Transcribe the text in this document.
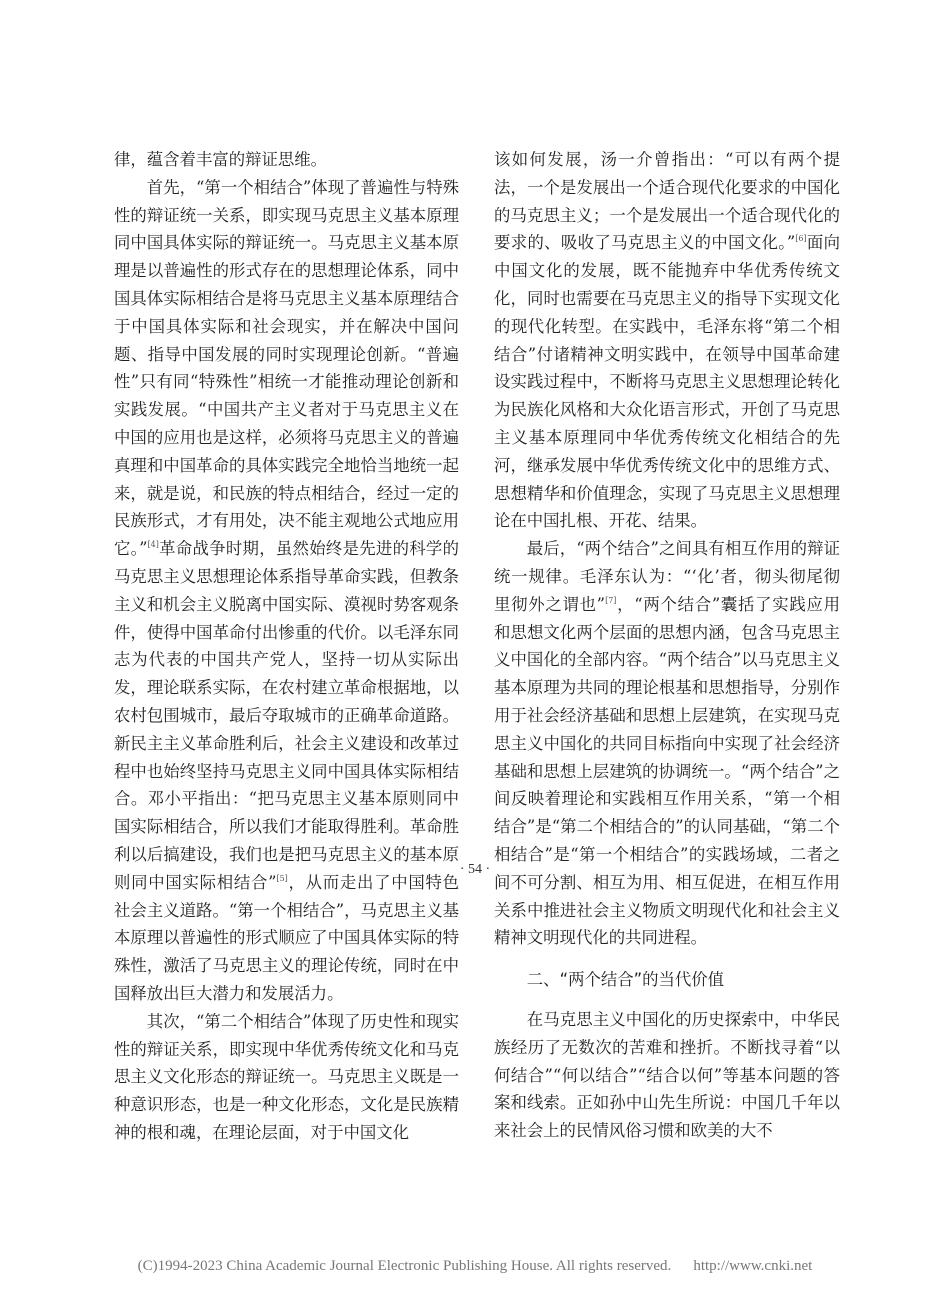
律，蕴含着丰富的辩证思维。

首先，“第一个相结合”体现了普遍性与特殊性的辩证统一关系，即实现马克思主义基本原理同中国具体实际的辩证统一。马克思主义基本原理是以普遍性的形式存在的思想理论体系，同中国具体实际相结合是将马克思主义基本原理结合于中国具体实际和社会现实，并在解决中国问题、指导中国发展的同时实现理论创新。“普遍性”只有同“特殊性”相统一才能推动理论创新和实践发展。“中国共产主义者对于马克思主义在中国的应用也是这样，必须将马克思主义的普遍真理和中国革命的具体实践完全地恰当地统一起来，就是说，和民族的特点相结合，经过一定的民族形式，才有用处，决不能主观地公式地应用它。”[4]革命战争时期，虽然始终是先进的科学的马克思主义思想理论体系指导革命实践，但教条主义和机会主义脱离中国实际、漠视时势客观条件，使得中国革命付出惨重的代价。以毛泽东同志为代表的中国共产党人，坚持一切从实际出发，理论联系实际，在农村建立革命根据地，以农村包围城市，最后夺取城市的正确革命道路。新民主主义革命胜利后，社会主义建设和改革过程中也始终坚持马克思主义同中国具体实际相结合。邓小平指出：“把马克思主义基本原则同中国实际相结合，所以我们才能取得胜利。革命胜利以后搞建设，我们也是把马克思主义的基本原则同中国实际相结合”[5]，从而走出了中国特色社会主义道路。“第一个相结合”，马克思主义基本原理以普遍性的形式顺应了中国具体实际的特殊性，激活了马克思主义的理论传统，同时在中国释放出巨大潜力和发展活力。

其次，“第二个相结合”体现了历史性和现实性的辩证关系，即实现中华优秀传统文化和马克思主义文化形态的辩证统一。马克思主义既是一种意识形态，也是一种文化形态，文化是民族精神的根和魂，在理论层面，对于中国文化

该如何发展，汤一介曾指出：“可以有两个提法，一个是发展出一个适合现代化要求的中国化的马克思主义；一个是发展出一个适合现代化的要求的、吸收了马克思主义的中国文化。”[6]面向中国文化的发展，既不能抛弃中华优秀传统文化，同时也需要在马克思主义的指导下实现文化的现代化转型。在实践中，毛泽东将“第二个相结合”付诸精神文明实践中，在领导中国革命建设实践过程中，不断将马克思主义思想理论转化为民族化风格和大众化语言形式，开创了马克思主义基本原理同中华优秀传统文化相结合的先河，继承发展中华优秀传统文化中的思维方式、思想精华和价值理念，实现了马克思主义思想理论在中国扎根、开花、结果。

最后，“两个结合”之间具有相互作用的辩证统一规律。毛泽东认为：“‘化’者，彻头彻尾彻里彻外之谓也”[7]，“两个结合”囊括了实践应用和思想文化两个层面的思想内涵，包含马克思主义中国化的全部内容。“两个结合”以马克思主义基本原理为共同的理论根基和思想指导，分别作用于社会经济基础和思想上层建筑，在实现马克思主义中国化的共同目标指向中实现了社会经济基础和思想上层建筑的协调统一。“两个结合”之间反映着理论和实践相互作用关系，“第一个相结合”是“第二个相结合的”的认同基础，“第二个相结合”是“第一个相结合”的实践场域，二者之间不可分割、相互为用、相互促进，在相互作用关系中推进社会主义物质文明现代化和社会主义精神文明现代化的共同进程。

二、“两个结合”的当代价值

在马克思主义中国化的历史探索中，中华民族经历了无数次的苦难和挫折。不断找寻着“以何结合”“何以结合”“结合以何”等基本问题的答案和线索。正如孙中山先生所说：中国几千年以来社会上的民情风俗习惯和欧美的大不

· 54 ·
(C)1994-2023 China Academic Journal Electronic Publishing House. All rights reserved. http://www.cnki.net
